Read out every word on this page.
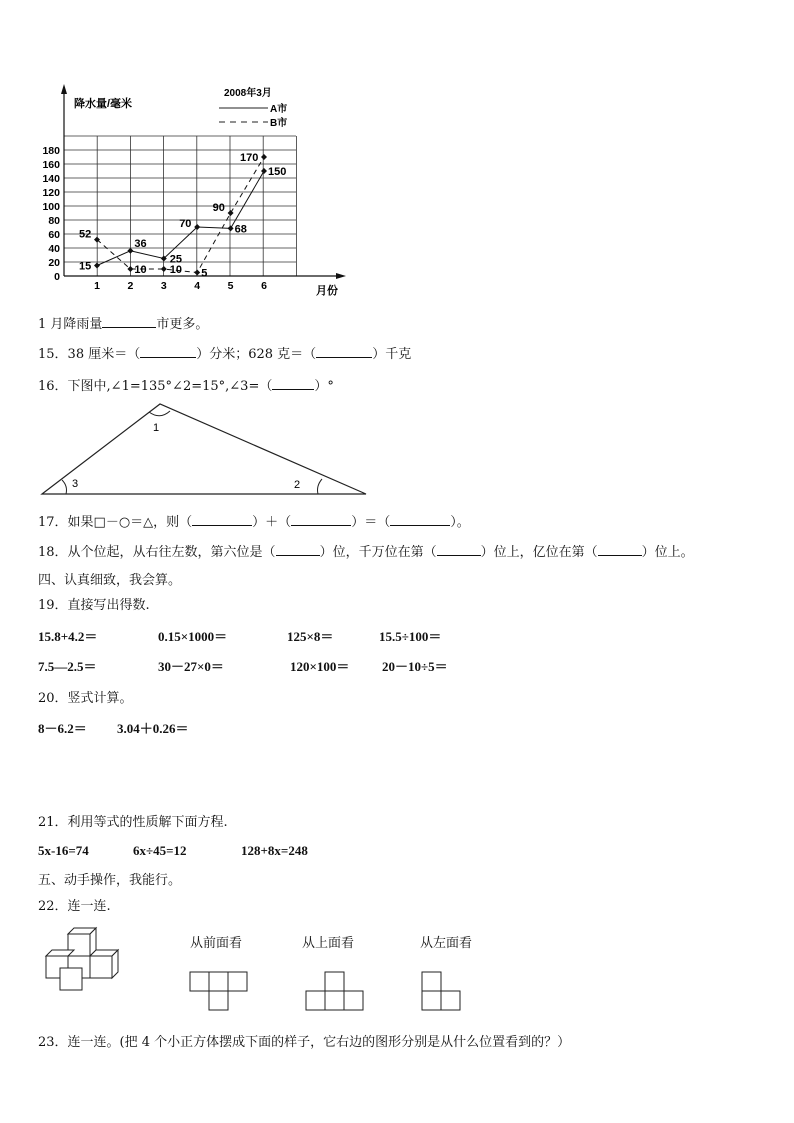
0
20
40
60
80
100
120
140
160
180
1	2	3	4	5	6
15
36
25
70	68
150
52
10 10 5
90
170
降水量/毫米
月份
2008年3月
A市
B市
1 月降雨量	市更多。
15．38 厘米＝（	）分米；628 克＝（	）千克
16．下图中,∠1=135°∠2=15°,∠3=（	）°
1
2
3
17．如果□－○＝△，则（	）＋（	）＝（	）。
18．从个位起，从右往左数，第六位是（	）位，千万位在第（	）位上，亿位在第（	）位上。
四、认真细致，我会算。
19．直接写出得数.
15.8+4.2＝	0.15×1000＝	125×8＝	15.5÷100＝
7.5—2.5＝	30－27×0＝	120×100＝	20－10÷5＝
20．竖式计算。
8－6.2＝ 3.04＋0.26＝
21．利用等式的性质解下面方程.
5x-16=74	6x÷45=12	128+8x=248
五、动手操作，我能行。
22．连一连.
从前面看	从上面看	从左面看
23．连一连。(把 4 个小正方体摆成下面的样子，它右边的图形分别是从什么位置看到的？）
